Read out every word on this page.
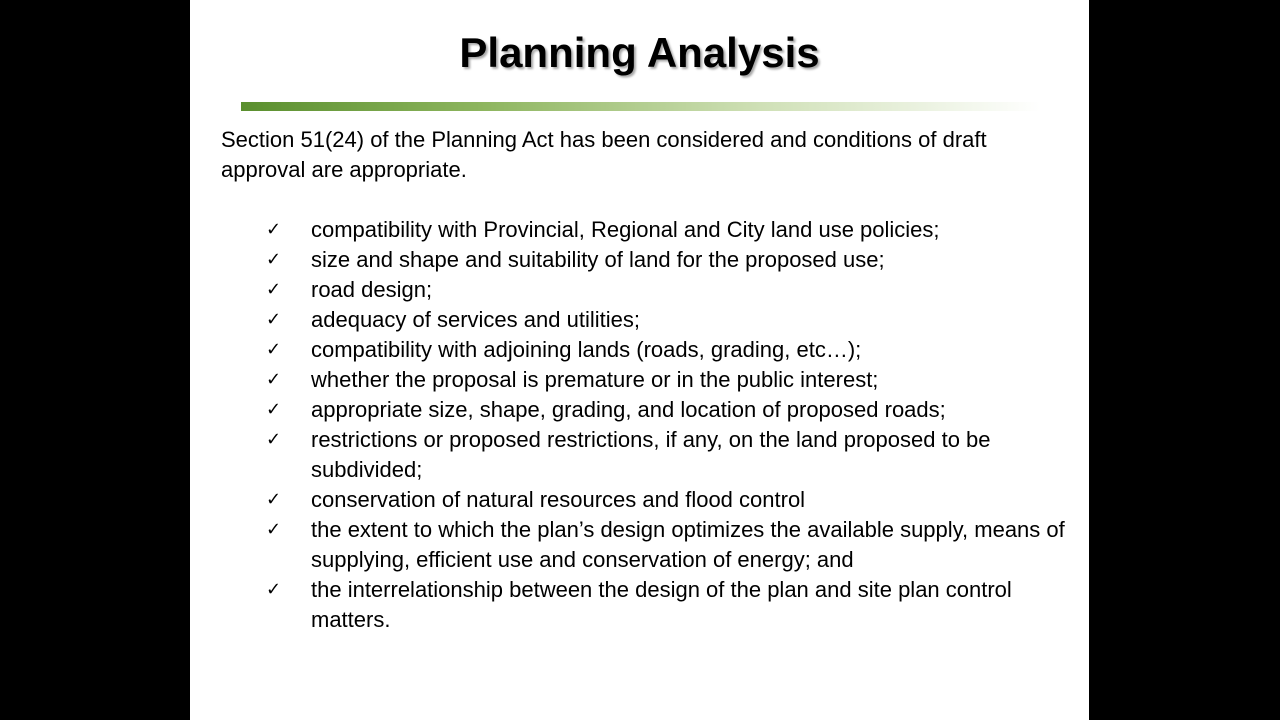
Planning Analysis

Section 51(24) of the Planning Act has been considered and conditions of draft approval are appropriate.

✓	compatibility with Provincial, Regional and City land use policies;
✓	size and shape and suitability of land for the proposed use;
✓	road design;
✓	adequacy of services and utilities;
✓	compatibility with adjoining lands (roads, grading, etc…);
✓	whether the proposal is premature or in the public interest;
✓	appropriate size, shape, grading, and location of proposed roads;
✓	restrictions or proposed restrictions, if any, on the land proposed to be subdivided;
✓	conservation of natural resources and flood control
✓	the extent to which the plan’s design optimizes the available supply, means of supplying, efficient use and conservation of energy; and
✓	the interrelationship between the design of the plan and site plan control matters.
